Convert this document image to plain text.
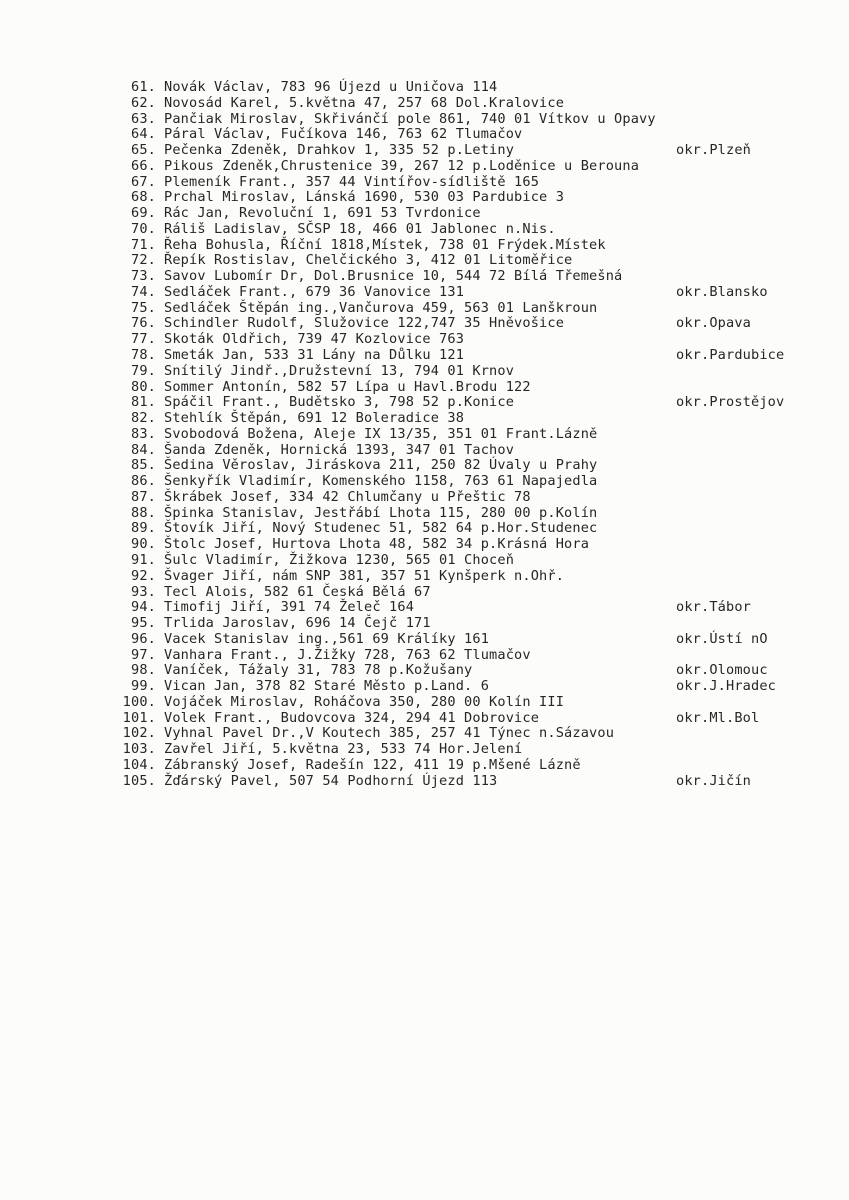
61. Novák Václav, 783 96 Újezd u Uničova 114
62. Novosád Karel, 5.května 47, 257 68 Dol.Kralovice
63. Pančiak Miroslav, Skřivánčí pole 861, 740 01 Vítkov u Opavy
64. Páral Václav, Fučíkova 146, 763 62 Tlumačov
65. Pečenka Zdeněk, Drahkov 1, 335 52 p.Letiny	okr.Plzeň
66. Pikous Zdeněk,Chrustenice 39, 267 12 p.Loděnice u Berouna
67. Plemeník Frant., 357 44 Vintířov-sídliště 165
68. Prchal Miroslav, Lánská 1690, 530 03 Pardubice 3
69. Rác Jan, Revoluční 1, 691 53 Tvrdonice
70. Ráliš Ladislav, SČSP 18, 466 01 Jablonec n.Nis.
71. Řeha Bohusla, Říční 1818,Místek, 738 01 Frýdek.Místek
72. Řepík Rostislav, Chelčického 3, 412 01 Litoměřice
73. Savov Lubomír Dr, Dol.Brusnice 10, 544 72 Bílá Třemešná
74. Sedláček Frant., 679 36 Vanovice 131	okr.Blansko
75. Sedláček Štěpán ing.,Vančurova 459, 563 01 Lanškroun
76. Schindler Rudolf, Služovice 122,747 35 Hněvošice	okr.Opava
77. Skoták Oldřich, 739 47 Kozlovice 763
78. Smeták Jan, 533 31 Lány na Důlku 121	okr.Pardubice
79. Snítilý Jindř.,Družstevní 13, 794 01 Krnov
80. Sommer Antonín, 582 57 Lípa u Havl.Brodu 122
81. Spáčil Frant., Budětsko 3, 798 52 p.Konice	okr.Prostějov
82. Stehlík Štěpán, 691 12 Boleradice 38
83. Svobodová Božena, Aleje IX 13/35, 351 01 Frant.Lázně
84. Šanda Zdeněk, Hornická 1393, 347 01 Tachov
85. Šedina Věroslav, Jiráskova 211, 250 82 Úvaly u Prahy
86. Šenkyřík Vladimír, Komenského 1158, 763 61 Napajedla
87. Škrábek Josef, 334 42 Chlumčany u Přeštic 78
88. Špinka Stanislav, Jestřábí Lhota 115, 280 00 p.Kolín
89. Štovík Jiří, Nový Studenec 51, 582 64 p.Hor.Studenec
90. Štolc Josef, Hurtova Lhota 48, 582 34 p.Krásná Hora
91. Šulc Vladimír, Žižkova 1230, 565 01 Choceň
92. Švager Jiří, nám SNP 381, 357 51 Kynšperk n.Ohř.
93. Tecl Alois, 582 61 Česká Bělá 67
94. Timofij Jiří, 391 74 Želeč 164	okr.Tábor
95. Trlida Jaroslav, 696 14 Čejč 171
96. Vacek Stanislav ing.,561 69 Králíky 161	okr.Ústí nO
97. Vanhara Frant., J.Žižky 728, 763 62 Tlumačov
98. Vaníček, Tážaly 31, 783 78 p.Kožušany	okr.Olomouc
99. Vican Jan, 378 82 Staré Město p.Land. 6	okr.J.Hradec
100. Vojáček Miroslav, Roháčova 350, 280 00 Kolín III
101. Volek Frant., Budovcova 324, 294 41 Dobrovice	okr.Ml.Bol
102. Vyhnal Pavel Dr.,V Koutech 385, 257 41 Týnec n.Sázavou
103. Zavřel Jiří, 5.května 23, 533 74 Hor.Jelení
104. Zábranský Josef, Radešín 122, 411 19 p.Mšené Lázně
105. Žďárský Pavel, 507 54 Podhorní Újezd 113	okr.Jičín
